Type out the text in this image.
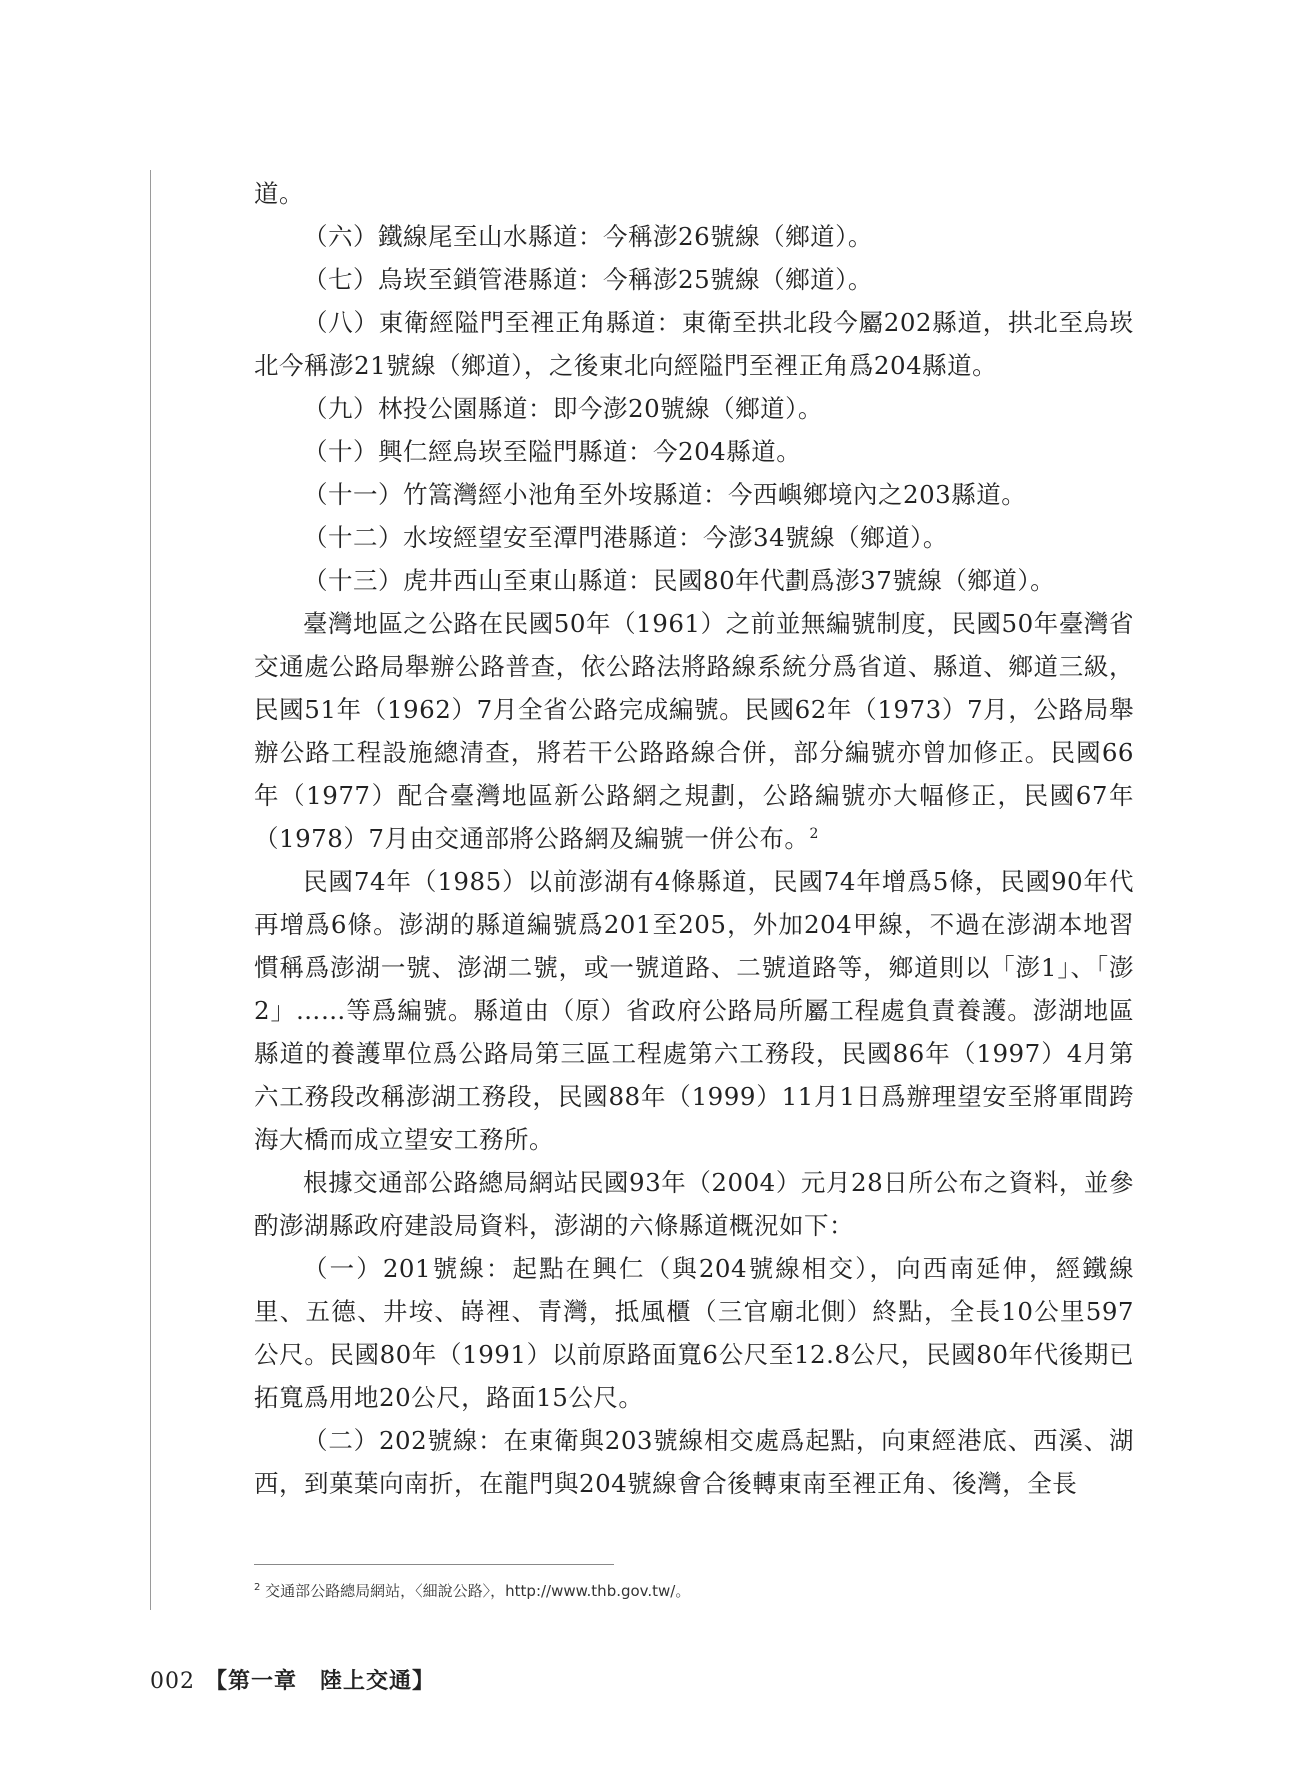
道。

（六）鐵線尾至山水縣道：今稱澎26號線（鄉道）。

（七）烏崁至鎖管港縣道：今稱澎25號線（鄉道）。

（八）東衛經隘門至裡正角縣道：東衛至拱北段今屬202縣道，拱北至烏崁北今稱澎21號線（鄉道），之後東北向經隘門至裡正角爲204縣道。

（九）林投公園縣道：即今澎20號線（鄉道）。

（十）興仁經烏崁至隘門縣道：今204縣道。

（十一）竹篙灣經小池角至外垵縣道：今西嶼鄉境內之203縣道。

（十二）水垵經望安至潭門港縣道：今澎34號線（鄉道）。

（十三）虎井西山至東山縣道：民國80年代劃爲澎37號線（鄉道）。

臺灣地區之公路在民國50年（1961）之前並無編號制度，民國50年臺灣省交通處公路局舉辦公路普查，依公路法將路線系統分爲省道、縣道、鄉道三級，民國51年（1962）7月全省公路完成編號。民國62年（1973）7月，公路局舉辦公路工程設施總清查，將若干公路路線合併，部分編號亦曾加修正。民國66年（1977）配合臺灣地區新公路網之規劃，公路編號亦大幅修正，民國67年（1978）7月由交通部將公路網及編號一併公布。$^2$

民國74年（1985）以前澎湖有4條縣道，民國74年增爲5條，民國90年代再增爲6條。澎湖的縣道編號爲201至205，外加204甲線，不過在澎湖本地習慣稱爲澎湖一號、澎湖二號，或一號道路、二號道路等，鄉道則以「澎1」、「澎2」……等爲編號。縣道由（原）省政府公路局所屬工程處負責養護。澎湖地區縣道的養護單位爲公路局第三區工程處第六工務段，民國86年（1997）4月第六工務段改稱澎湖工務段，民國88年（1999）11月1日爲辦理望安至將軍間跨海大橋而成立望安工務所。

根據交通部公路總局網站民國93年（2004）元月28日所公布之資料，並參酌澎湖縣政府建設局資料，澎湖的六條縣道概況如下：

（一）201號線：起點在興仁（與204號線相交），向西南延伸，經鐵線里、五德、井垵、嵵裡、青灣，抵風櫃（三官廟北側）終點，全長10公里597公尺。民國80年（1991）以前原路面寬6公尺至12.8公尺，民國80年代後期已拓寬爲用地20公尺，路面15公尺。

（二）202號線：在東衛與203號線相交處爲起點，向東經港底、西溪、湖西，到菓葉向南折，在龍門與204號線會合後轉東南至裡正角、後灣，全長

$^2$ 交通部公路總局網站，〈細說公路〉，http://www.thb.gov.tw/。
002 【第一章　陸上交通】
